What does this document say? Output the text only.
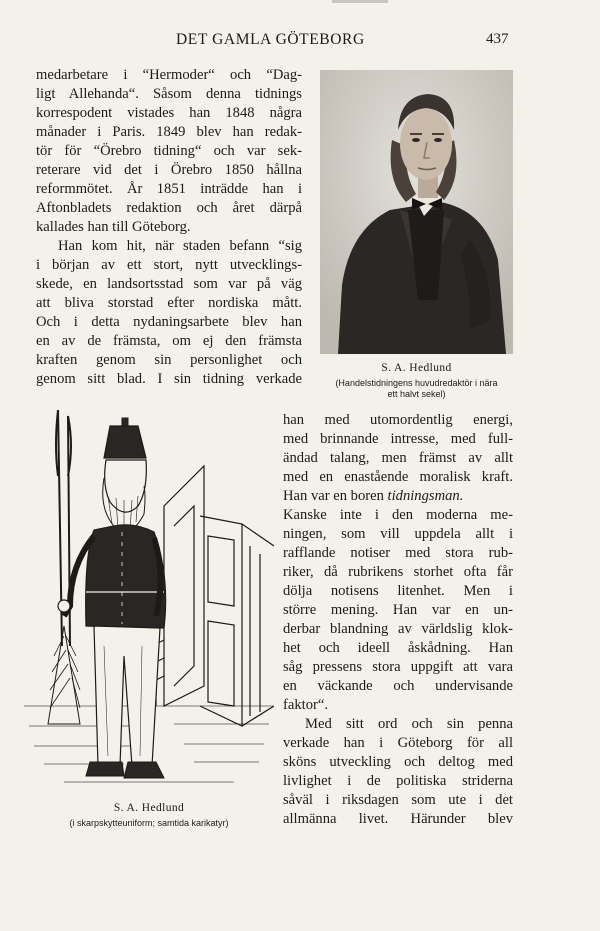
DET GAMLA GÖTEBORG	437
medarbetare i “Hermoder“ och “Dag-
ligt Allehanda“. Såsom denna tidnings
korrespodent vistades han 1848 några
månader i Paris. 1849 blev han redak-
tör för “Örebro tidning“ och var sek-
reterare vid det i Örebro 1850 hållna
reformmötet. År 1851 inträdde han i
Aftonbladets redaktion och året därpå
kallades han till Göteborg.
Han kom hit, när staden befann “sig
i början av ett stort, nytt utvecklings-
skede, en landsortsstad som var på väg
att bliva storstad efter nordiska mått.
Och i detta nydaningsarbete blev han
en av de främsta, om ej den främsta
kraften genom sin personlighet och
genom sitt blad. I sin tidning verkade
S. A. Hedlund
(Handelstidningens huvudredaktör i nära
ett halvt sekel)
S. A. Hedlund
(i skarpskytteuniform; samtida karikatyr)
han med utomordentlig energi,
med brinnande intresse, med full-
ändad talang, men främst av allt
med en enastående moralisk kraft.
Han var en boren tidningsman.
Kanske inte i den moderna me-
ningen, som vill uppdela allt i
rafflande notiser med stora rub-
riker, då rubrikens storhet ofta får
dölja notisens litenhet. Men i
större mening. Han var en un-
derbar blandning av världslig klok-
het och ideell åskådning. Han
såg pressens stora uppgift att vara
en väckande och undervisande
faktor“.
Med sitt ord och sin penna
verkade han i Göteborg för all
sköns utveckling och deltog med
livlighet i de politiska striderna
såväl i riksdagen som ute i det
allmänna livet. Härunder blev
